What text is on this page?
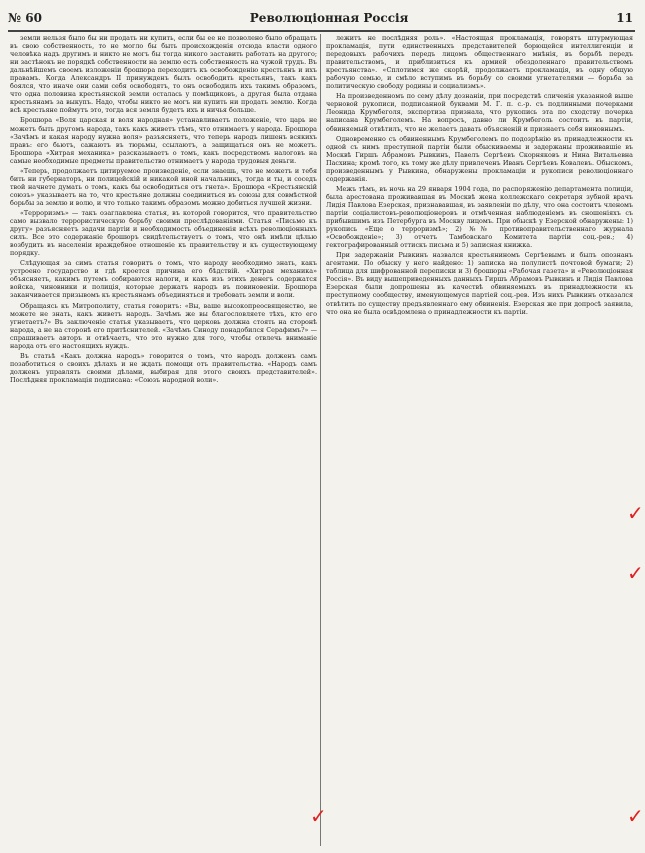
№ 60	Революціонная Россія	11

земли нельзя было бы ни продать ни купить, если бы ее не позволено было обращать въ свою собственность, то не могло бы быть происхожденія отсюда власти одного человѣка надъ другимъ и никто не могъ бы тогда никого заставить работать на другого; ни застѣнокъ не порядкѣ собственности на землю есть собственность на чужой трудъ. Въ дальнѣйшемъ своемъ изложеніи брошюра переходитъ къ освобожденію крестьянъ и ихъ правамъ. Когда Александръ II принужденъ былъ освободить крестьянъ, такъ какъ боялся, что иначе они сами себя освободятъ, то онъ освободилъ ихъ такимъ образомъ, что одна половина крестьянской земли осталась у помѣщиковъ, а другая была отдана крестьянамъ за выкупъ. Надо, чтобы никто не могъ ни купить ни продать землю. Когда всѣ крестьяне поймутъ это, тогда вся земля будетъ ихъ и ничья больше.

Брошюра «Воля царская и воля народная» устанавливаетъ положеніе, что царь не можетъ быть другомъ народа, такъ какъ живетъ тѣмъ, что отнимаетъ у народа. Брошюра «Зачѣмъ и какая народу нужна воля» разъясняетъ, что теперь народъ лишенъ всякихъ правъ: его бьютъ, сажаютъ въ тюрьмы, ссылаютъ, а защищаться онъ не можетъ. Брошюра «Хитрая механика» разсказываетъ о томъ, какъ посредствомъ налоговъ на самые необходимые предметы правительство отнимаетъ у народа трудовыя деньги.

«Теперь, продолжаетъ цитируемое произведеніе, если знаешь, что не можетъ и тебя бить ни губернаторъ, ни полицейскій и никакой иной начальникъ, тогда и ты, и соседъ твой начнете думать о томъ, какъ бы освободиться отъ гнета». Брошюра «Крестьянскій союзъ» указываетъ на то, что крестьяне должны соединиться въ союзы для совмѣстной борьбы за землю и волю, и что только такимъ образомъ можно добиться лучшей жизни.

«Терроризмъ» — такъ озаглавлена статья, въ которой говорится, что правительство само вызвало террористическую борьбу своими преслѣдованіями. Статья «Письмо къ другу» разъясняетъ задачи партіи и необходимость объединенія всѣхъ революціонныхъ силъ. Все это содержаніе брошюръ свидѣтельствуетъ о томъ, что онѣ имѣли цѣлью возбудить въ населеніи враждебное отношеніе къ правительству и къ существующему порядку.

Слѣдующая за симъ статья говоритъ о томъ, что народу необходимо знать, какъ устроено государство и гдѣ кроется причина его бѣдствій. «Хитрая механика» объясняетъ, какимъ путемъ собираются налоги, и какъ изъ этихъ денегъ содержатся войска, чиновники и полиція, которые держатъ народъ въ повиновеніи. Брошюра заканчивается призывомъ къ крестьянамъ объединяться и требовать земли и воли.

Обращаясь къ Митрополиту, статья говоритъ: «Вы, ваше высокопреосвященство, не можете не знать, какъ живетъ народъ. Зачѣмъ же вы благословляете тѣхъ, кто его угнетаетъ?» Въ заключеніе статья указываетъ, что церковь должна стоять на сторонѣ народа, а не на сторонѣ его притѣснителей. «Зачѣмъ Синоду понадобился Серафимъ?» — спрашиваетъ авторъ и отвѣчаетъ, что это нужно для того, чтобы отвлечь вниманіе народа отъ его настоящихъ нуждъ.

Въ статьѣ «Какъ должна народъ» говорится о томъ, что народъ долженъ самъ позаботиться о своихъ дѣлахъ и не ждать помощи отъ правительства. «Народъ самъ долженъ управлять своими дѣлами, выбирая для этого своихъ представителей». Послѣдняя прокламація подписана: «Союзъ народной воли».

лежитъ не послѣдняя роль». «Настоящая прокламація, говорятъ штурмующая прокламація, пути единственныхъ представителей борющейся интеллигенціи и передовыхъ рабочихъ передъ лицомъ общественнаго мнѣнія, въ борьбѣ передъ правительствомъ, и приблизиться къ армией обездоленнаго правительствомъ крестьянства». «Сплотимся же скорѣй, продолжаетъ прокламація, въ одну общую рабочую семью, и смѣло вступимъ въ борьбу со своими угнетателями — борьба за политическую свободу родины и социализмъ».

На произведенномъ по сему дѣлу дознаніи, при посредствѣ сличенія указанной выше черновой рукописи, подписанной буквами М. Г. п. с.-р. съ подлинными почерками Леонида Крумбеголя, экспертиза признала, что рукопись эта по сходству почерка написана Крумбеголемъ. На вопросъ, давно ли Крумбеголь состоитъ въ партіи, обвиняемый отвѣтилъ, что не желаетъ давать объясненій и признаетъ себя виновнымъ.

Одновременно съ обвиненнымъ Крумбеголемъ по подозрѣнію въ принадлежности къ одной съ нимъ преступной партіи были обыскиваемы и задержаны проживавшіе въ Москвѣ Гиршъ Абрамовъ Рывкинъ, Павелъ Сергѣевъ Скорняковъ и Нина Витальевна Пасхина; кромѣ того, къ тому же дѣлу привлеченъ Иванъ Сергѣевъ Ковалевъ. Обыскомъ, произведеннымъ у Рывкина, обнаружены прокламаціи и рукописи революціоннаго содержанія.

Межъ тѣмъ, въ ночь на 29 января 1904 года, по распоряженію департамента полиціи, была арестована проживавшая въ Москвѣ жена коллежскаго секретаря зубной врачъ Лидія Павлова Езерская, признававшая, въ заявленіи по дѣлу, что она состоитъ членомъ партіи соціалистовъ-революціонеровъ и отмѣченная наблюденіемъ въ сношеніяхъ съ прибывшимъ изъ Петербурга въ Москву лицомъ. При обыскѣ у Езерской обнаружены: 1) рукопись «Еще о терроризмѣ»; 2) №№ противоправительственнаго журнала «Освобожденіе»; 3) отчетъ Тамбовскаго Комитета партіи соц.-рев.; 4) гектографированный оттискъ письма и 5) записная книжка.

При задержаніи Рывкинъ назвался крестьяниномъ Сергѣевымъ и былъ опознанъ агентами. По обыску у него найдено: 1) записка на полулистѣ почтовой бумаги; 2) таблица для шифрованной переписки и 3) брошюры «Рабочая газета» и «Революціонная Россія». Въ виду вышеприведенныхъ данныхъ Гиршъ Абрамовъ Рывкинъ и Лидія Павлова Езерская были допрошены въ качествѣ обвиняемыхъ въ принадлежности къ преступному сообществу, именующемуся партіей соц.-рев. Изъ нихъ Рывкинъ отказался отвѣтить по существу предъявленнаго ему обвиненія. Езерская же при допросѣ заявила, что она не была освѣдомлена о принадлежности къ партіи.

✓
✓
✓	✓
